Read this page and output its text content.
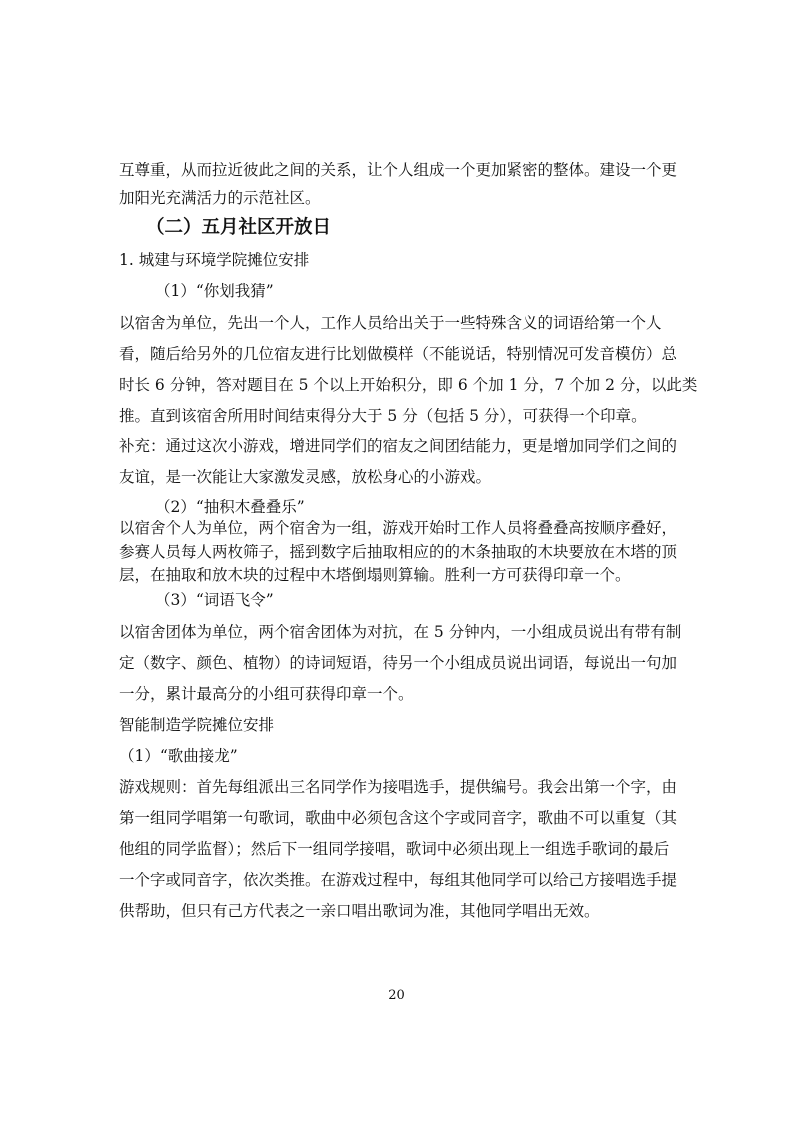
互尊重，从而拉近彼此之间的关系，让个人组成一个更加紧密的整体。建设一个更
加阳光充满活力的示范社区。
（二）五月社区开放日
1. 城建与环境学院摊位安排
（1）“你划我猜”
以宿舍为单位，先出一个人，工作人员给出关于一些特殊含义的词语给第一个人
看，随后给另外的几位宿友进行比划做模样（不能说话，特别情况可发音模仿）总
时长 6 分钟，答对题目在 5 个以上开始积分，即 6 个加 1 分，7 个加 2 分，以此类
推。直到该宿舍所用时间结束得分大于 5 分（包括 5 分），可获得一个印章。
补充：通过这次小游戏，增进同学们的宿友之间团结能力，更是增加同学们之间的
友谊，是一次能让大家激发灵感，放松身心的小游戏。
（2）“抽积木叠叠乐”
以宿舍个人为单位，两个宿舍为一组，游戏开始时工作人员将叠叠高按顺序叠好，
参赛人员每人两枚筛子，摇到数字后抽取相应的的木条抽取的木块要放在木塔的顶
层，在抽取和放木块的过程中木塔倒塌则算输。胜利一方可获得印章一个。
（3）“词语飞令”
以宿舍团体为单位，两个宿舍团体为对抗，在 5 分钟内，一小组成员说出有带有制
定（数字、颜色、植物）的诗词短语，待另一个小组成员说出词语，每说出一句加
一分，累计最高分的小组可获得印章一个。
智能制造学院摊位安排
（1）“歌曲接龙”
游戏规则：首先每组派出三名同学作为接唱选手，提供编号。我会出第一个字，由
第一组同学唱第一句歌词，歌曲中必须包含这个字或同音字，歌曲不可以重复（其
他组的同学监督）；然后下一组同学接唱，歌词中必须出现上一组选手歌词的最后
一个字或同音字，依次类推。在游戏过程中，每组其他同学可以给己方接唱选手提
供帮助，但只有己方代表之一亲口唱出歌词为准，其他同学唱出无效。
20
